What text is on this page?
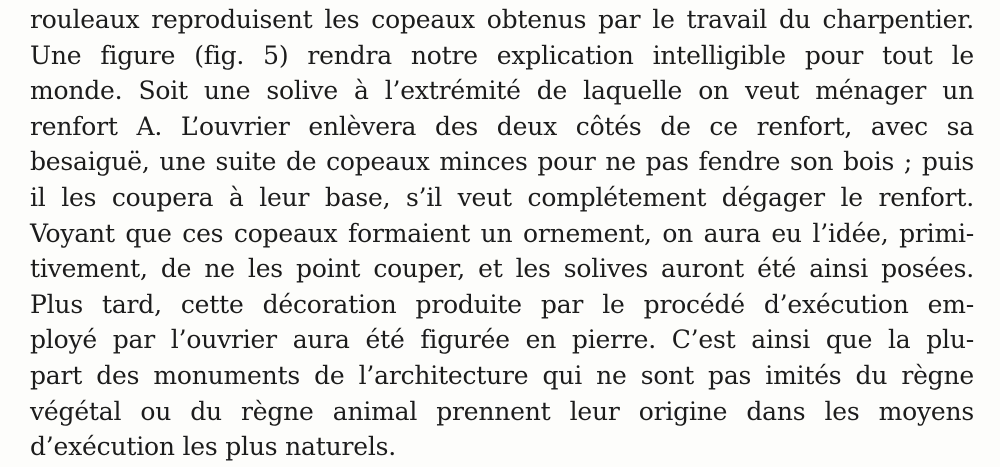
rouleaux reproduisent les copeaux obtenus par le travail du charpentier.
Une figure (fig. 5) rendra notre explication intelligible pour tout le
monde. Soit une solive à l’extrémité de laquelle on veut ménager un
renfort A. L’ouvrier enlèvera des deux côtés de ce renfort, avec sa
besaiguë, une suite de copeaux minces pour ne pas fendre son bois ; puis
il les coupera à leur base, s’il veut complétement dégager le renfort.
Voyant que ces copeaux formaient un ornement, on aura eu l’idée, primi-
tivement, de ne les point couper, et les solives auront été ainsi posées.
Plus tard, cette décoration produite par le procédé d’exécution em-
ployé par l’ouvrier aura été figurée en pierre. C’est ainsi que la plu-
part des monuments de l’architecture qui ne sont pas imités du règne
végétal ou du règne animal prennent leur origine dans les moyens
d’exécution les plus naturels.
